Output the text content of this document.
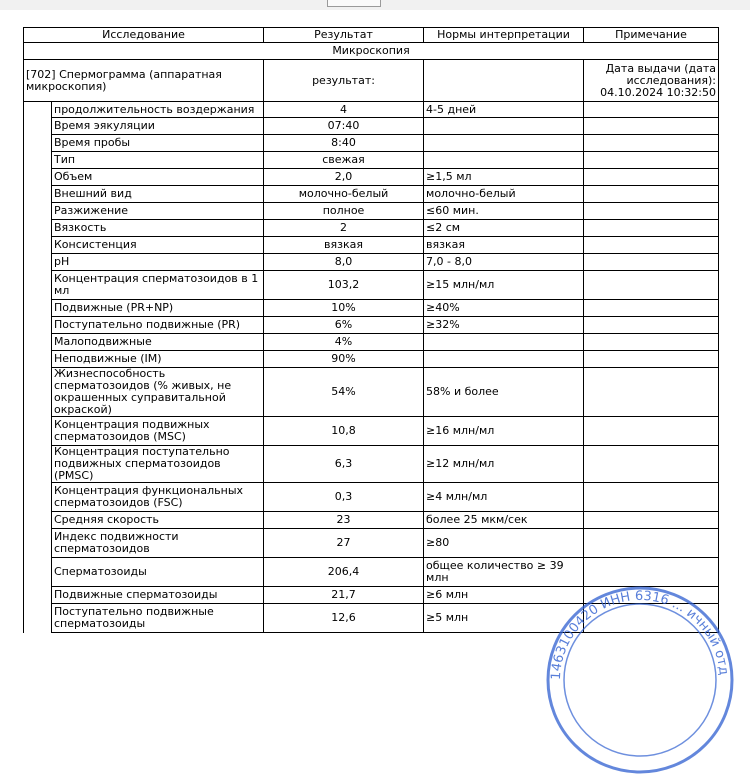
Исследование		Результат	Нормы интерпретации	Примечание
Микроскопия				
[702] Спермограмма (аппаратная микроскопия)		результат:		Дата выдачи (дата исследования): 04.10.2024 10:32:50
	продолжительность воздержания	4	4-5 дней	
	Время эякуляции	07:40		
	Время пробы	8:40		
	Тип	свежая		
	Объем	2,0	≥1,5 мл	
	Внешний вид	молочно-белый	молочно-белый	
	Разжижение	полное	≤60 мин.	
	Вязкость	2	≤2 см	
	Консистенция	вязкая	вязкая	
	pH	8,0	7,0 - 8,0	
	Концентрация сперматозоидов в 1 мл	103,2	≥15 млн/мл	
	Подвижные (PR+NP)	10%	≥40%	
	Поступательно подвижные (PR)	6%	≥32%	
	Малоподвижные	4%		
	Неподвижные (IM)	90%		
	Жизнеспособность сперматозоидов (% живых, не окрашенных суправитальной окраской)	54%	58% и более	
	Концентрация подвижных сперматозоидов (MSC)	10,8	≥16 млн/мл	
	Концентрация поступательно подвижных сперматозоидов (PMSC)	6,3	≥12 млн/мл	
	Концентрация функциональных сперматозоидов (FSC)	0,3	≥4 млн/мл	
	Средняя скорость	23	более 25 мкм/сек	
	Индекс подвижности сперматозоидов	27	≥80	
	Сперматозоиды	206,4	общее количество ≥ 39 млн	
	Подвижные сперматозоиды	21,7	≥6 млн	
	Поступательно подвижные сперматозоиды	12,6	≥5 млн	
1463100420 ИНН 6316 ... ичный отд
